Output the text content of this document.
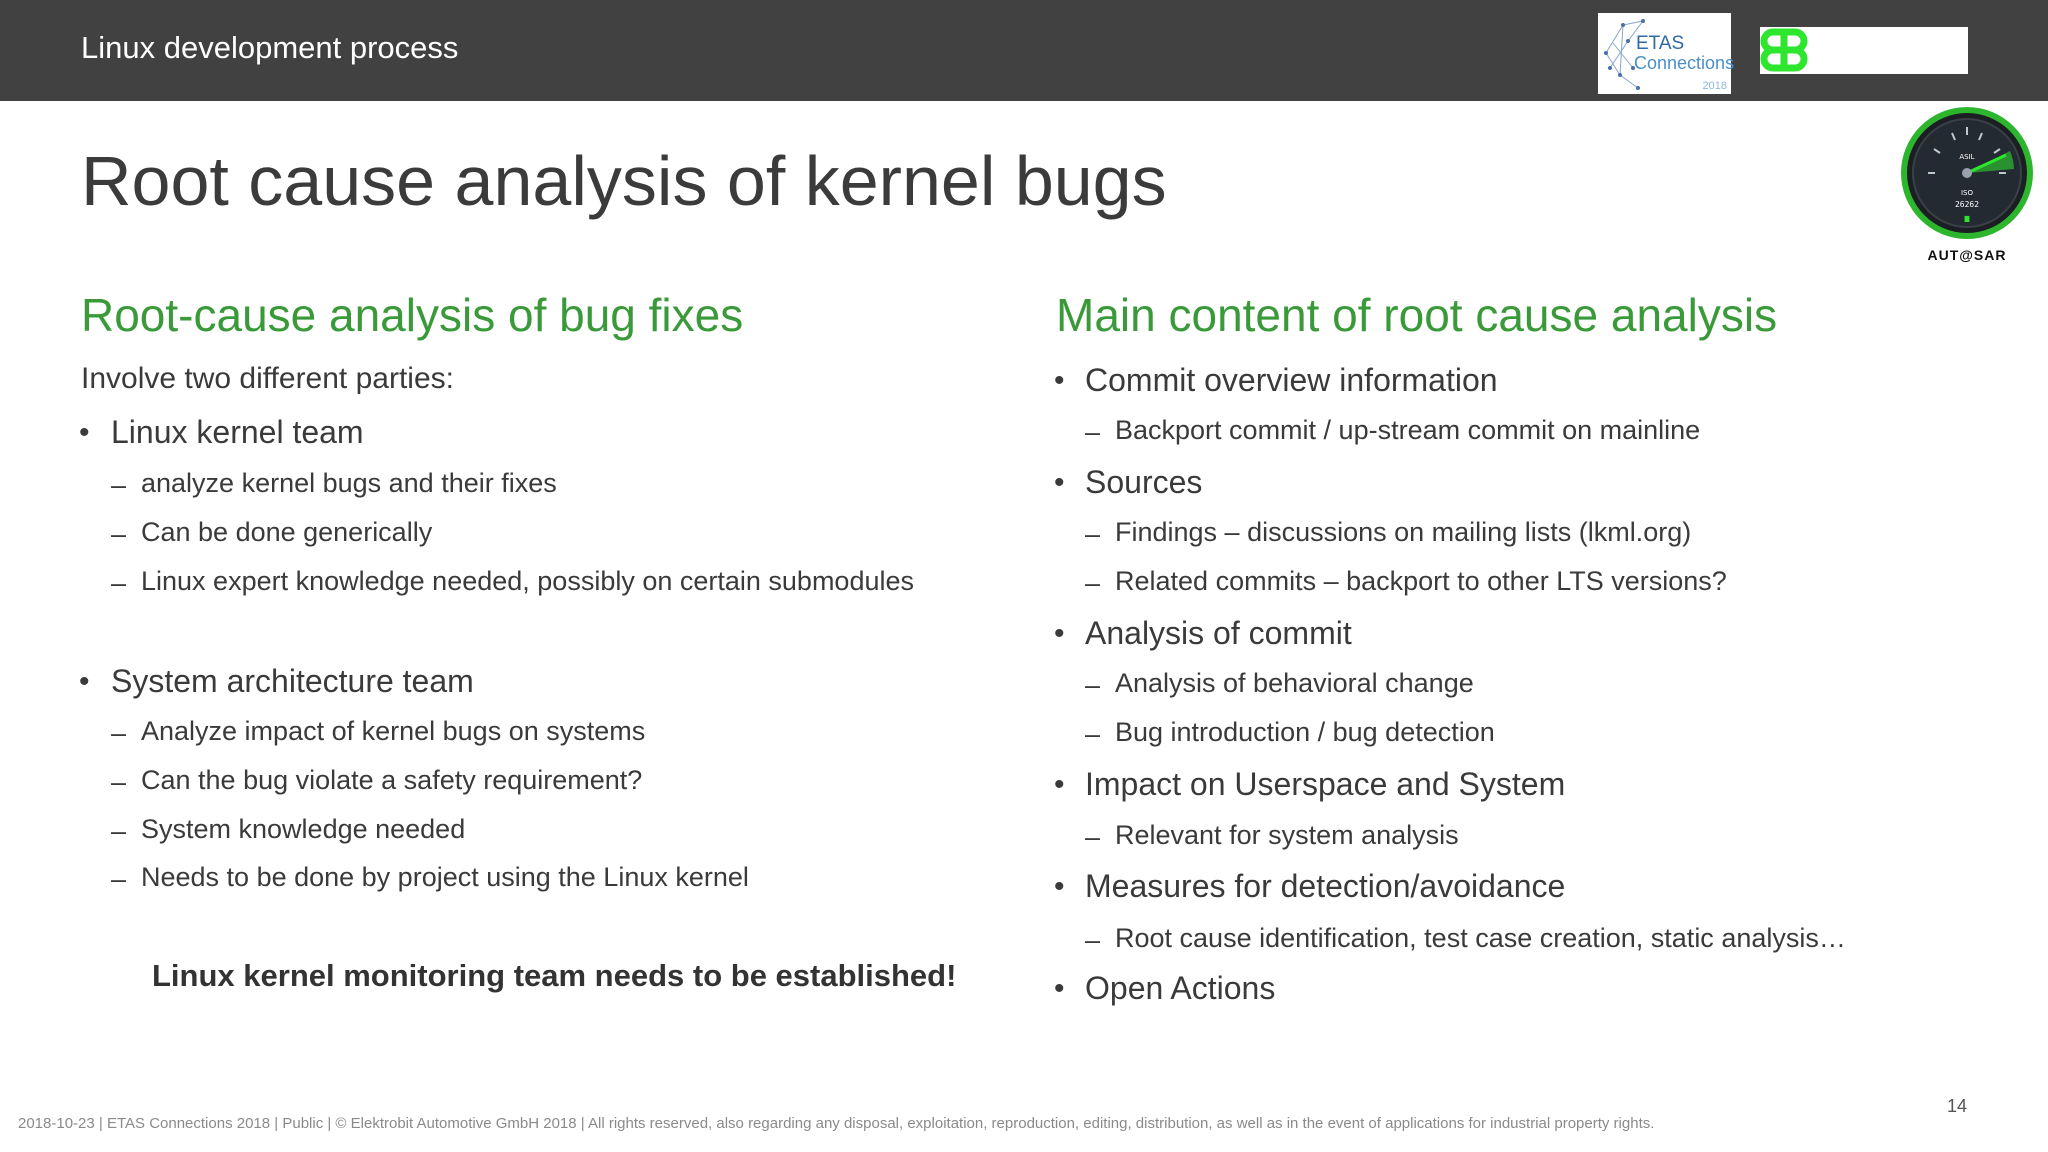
Linux development process	ETAS
Connections
2018
ASIL
ISO
26262
∎
AUT@SAR
Root cause analysis of kernel bugs
Root-cause analysis of bug fixes
Involve two different parties:
• Linux kernel team
– analyze kernel bugs and their fixes
– Can be done generically
– Linux expert knowledge needed, possibly on certain submodules
• System architecture team
– Analyze impact of kernel bugs on systems
– Can the bug violate a safety requirement?
– System knowledge needed
– Needs to be done by project using the Linux kernel
Linux kernel monitoring team needs to be established!
Main content of root cause analysis
• Commit overview information
– Backport commit / up-stream commit on mainline
• Sources
– Findings – discussions on mailing lists (lkml.org)
– Related commits – backport to other LTS versions?
• Analysis of commit
– Analysis of behavioral change
– Bug introduction / bug detection
• Impact on Userspace and System
– Relevant for system analysis
• Measures for detection/avoidance
– Root cause identification, test case creation, static analysis…
• Open Actions
14
2018-10-23 | ETAS Connections 2018 | Public | © Elektrobit Automotive GmbH 2018 | All rights reserved, also regarding any disposal, exploitation, reproduction, editing, distribution, as well as in the event of applications for industrial property rights.
